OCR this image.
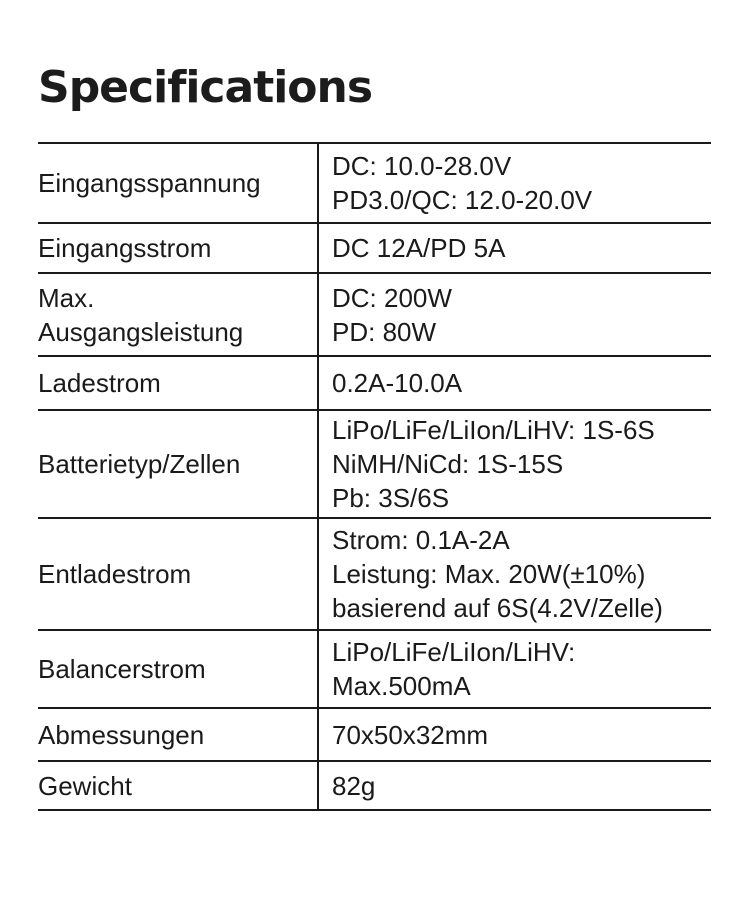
Specifications
Eingangsspannung	DC: 10.0-28.0V
PD3.0/QC: 12.0-20.0V

Eingangsstrom	DC 12A/PD 5A

Max.
Ausgangsleistung	DC: 200W
PD: 80W

Ladestrom	0.2A-10.0A

Batterietyp/Zellen	LiPo/LiFe/LiIon/LiHV: 1S-6S
NiMH/NiCd: 1S-15S
Pb: 3S/6S

Entladestrom	Strom: 0.1A-2A
Leistung: Max. 20W(±10%)
basierend auf 6S(4.2V/Zelle)

Balancerstrom	LiPo/LiFe/LiIon/LiHV:
Max.500mA

Abmessungen	70x50x32mm

Gewicht	82g
